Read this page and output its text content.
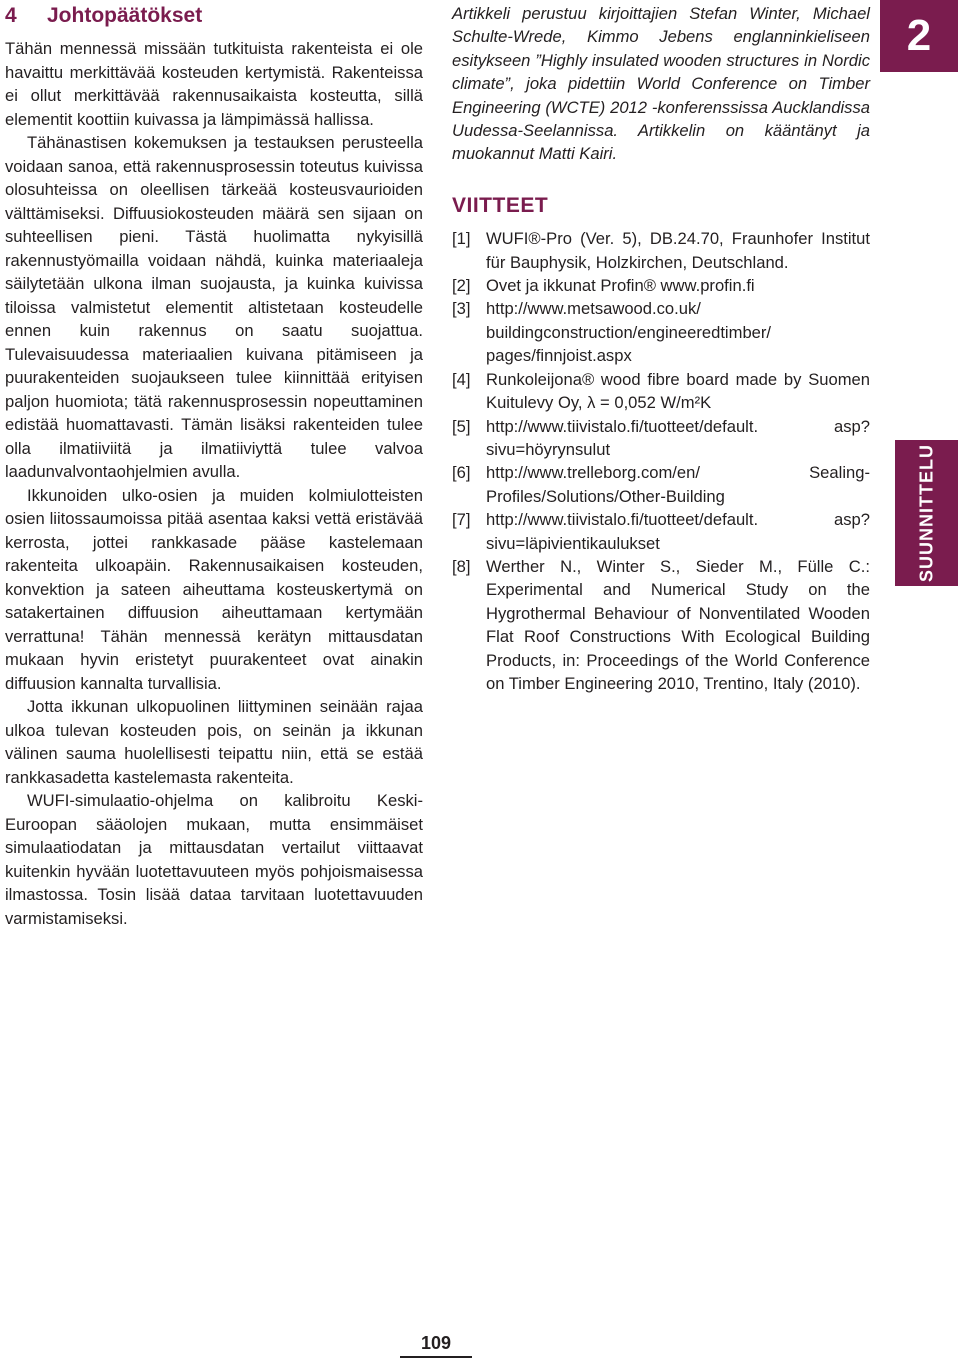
4 Johtopäätökset

Tähän mennessä missään tutkituista rakenteista ei ole havaittu merkittävää kosteuden kertymistä. Rakenteissa ei ollut merkittävää rakennusaikaista kosteutta, sillä elementit koottiin kuivassa ja lämpimässä hallissa.

Tähänastisen kokemuksen ja testauksen perusteella voidaan sanoa, että rakennusprosessin toteutus kuivissa olosuhteissa on oleellisen tärkeää kosteusvaurioiden välttämiseksi. Diffuusiokosteuden määrä sen sijaan on suhteellisen pieni. Tästä huolimatta nykyisillä rakennustyömailla voidaan nähdä, kuinka materiaaleja säilytetään ulkona ilman suojausta, ja kuinka kuivissa tiloissa valmistetut elementit altistetaan kosteudelle ennen kuin rakennus on saatu suojattua. Tulevaisuudessa materiaalien kuivana pitämiseen ja puurakenteiden suojaukseen tulee kiinnittää erityisen paljon huomiota; tätä rakennusprosessin nopeuttaminen edistää huomattavasti. Tämän lisäksi rakenteiden tulee olla ilmatiiviitä ja ilmatiiviyttä tulee valvoa laadunvalvontaohjelmien avulla.

Ikkunoiden ulko-osien ja muiden kolmiulotteisten osien liitossaumoissa pitää asentaa kaksi vettä eristävää kerrosta, jottei rankkasade pääse kastelemaan rakenteita ulkoapäin. Rakennusaikaisen kosteuden, konvektion ja sateen aiheuttama kosteuskertymä on satakertainen diffuusion aiheuttamaan kertymään verrattuna! Tähän mennessä kerätyn mittausdatan mukaan hyvin eristetyt puurakenteet ovat ainakin diffuusion kannalta turvallisia.

Jotta ikkunan ulkopuolinen liittyminen seinään rajaa ulkoa tulevan kosteuden pois, on seinän ja ikkunan välinen sauma huolellisesti teipattu niin, että se estää rankkasadetta kastelemasta rakenteita.

WUFI-simulaatio-ohjelma on kalibroitu Keski-Euroopan sääolojen mukaan, mutta ensimmäiset simulaatiodatan ja mittausdatan vertailut viittaavat kuitenkin hyvään luotettavuuteen myös pohjoismaisessa ilmastossa. Tosin lisää dataa tarvitaan luotettavuuden varmistamiseksi.

Artikkeli perustuu kirjoittajien Stefan Winter, Michael Schulte-Wrede, Kimmo Jebens englanninkieliseen esitykseen ”Highly insulated wooden structures in Nordic climate”, joka pidettiin World Conference on Timber Engineering (WCTE) 2012 -konferenssissa Aucklandissa Uudessa-Seelannissa. Artikkelin on kääntänyt ja muokannut Matti Kairi.

VIITTEET
[1] WUFI®-Pro (Ver. 5), DB.24.70, Fraunhofer Institut für Bauphysik, Holzkirchen, Deutschland.
[2] Ovet ja ikkunat Profin® www.profin.fi
[3] http://www.metsawood.co.uk/ buildingconstruction/engineeredtimber/ pages/finnjoist.aspx
[4] Runkoleijona® wood fibre board made by Suomen Kuitulevy Oy, λ = 0,052 W/m²K
[5] http://www.tiivistalo.fi/tuotteet/default. asp?sivu=höyrynsulut
[6] http://www.trelleborg.com/en/ Sealing-Profiles/Solutions/Other-Building
[7] http://www.tiivistalo.fi/tuotteet/default. asp?sivu=läpivientikaulukset
[8] Werther N., Winter S., Sieder M., Fülle C.: Experimental and Numerical Study on the Hygrothermal Behaviour of Nonventilated Wooden Flat Roof Constructions With Ecological Building Products, in: Proceedings of the World Conference on Timber Engineering 2010, Trentino, Italy (2010).
2
SUUNNITTELU
109
